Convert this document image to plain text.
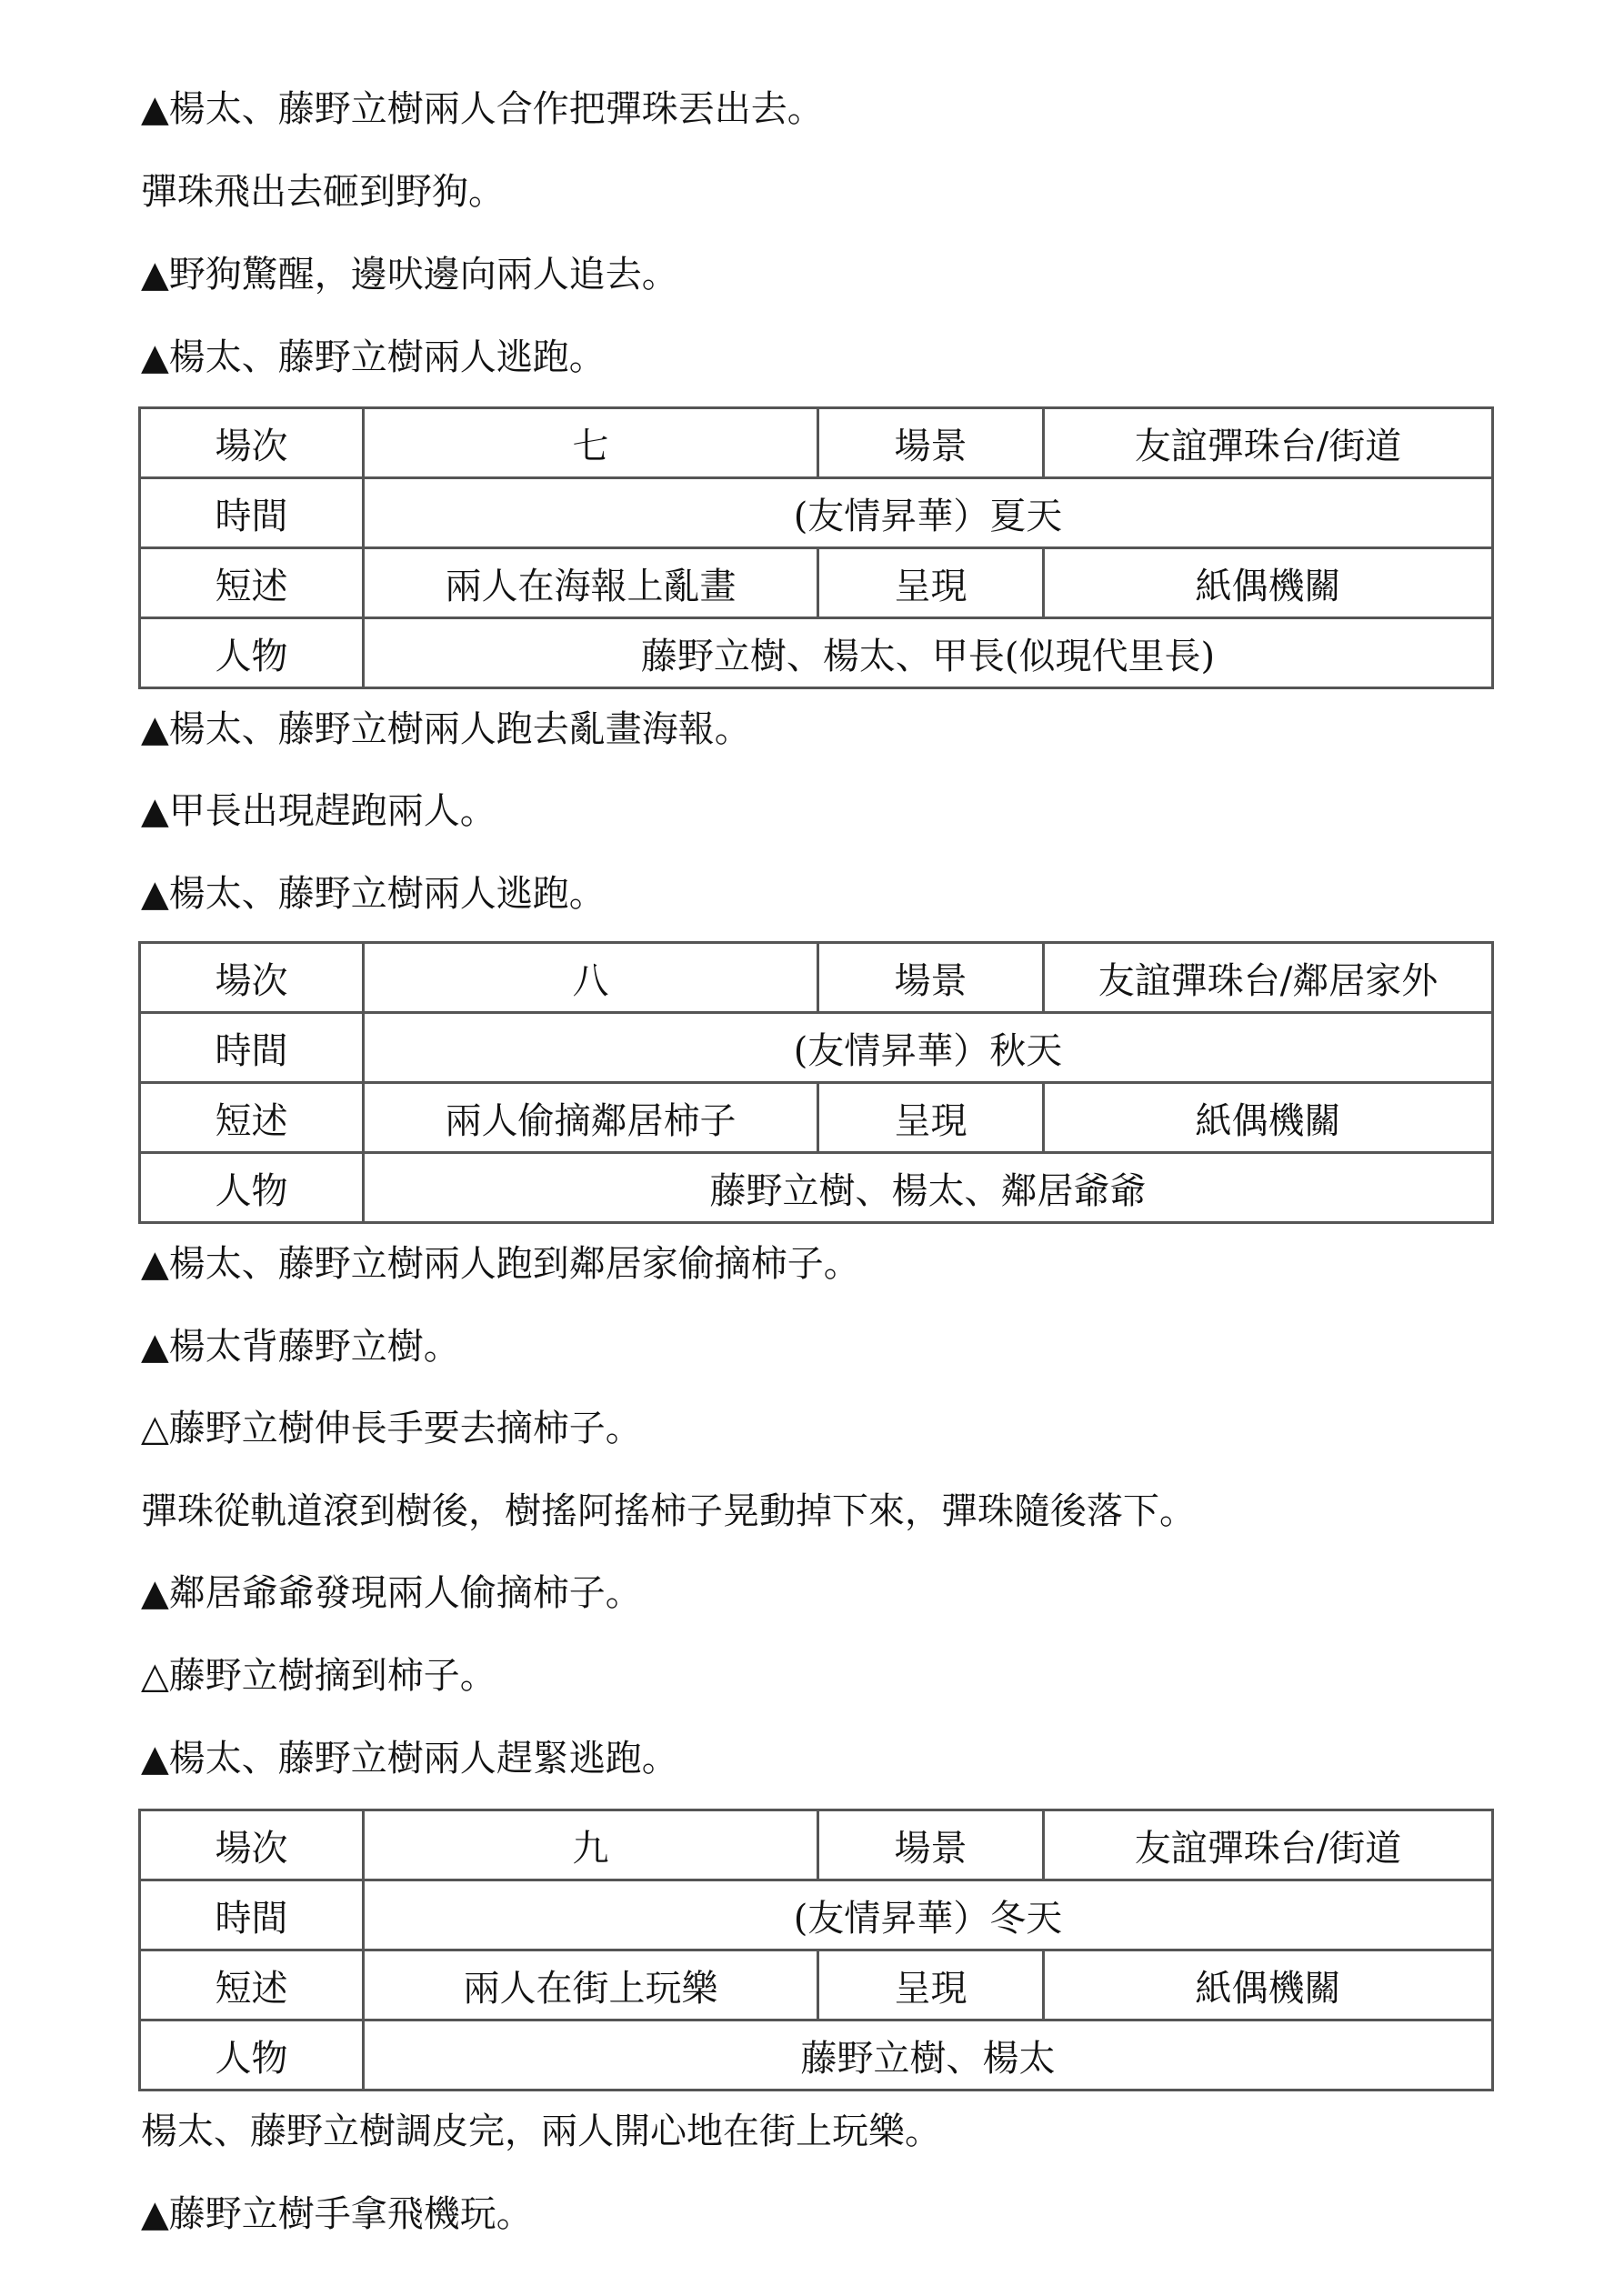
▲楊太、藤野立樹兩人合作把彈珠丟出去。
彈珠飛出去砸到野狗。
▲野狗驚醒，邊吠邊向兩人追去。
▲楊太、藤野立樹兩人逃跑。
場次	七	場景	友誼彈珠台/街道
時間	(友情昇華）夏天		
短述	兩人在海報上亂畫	呈現	紙偶機關
人物	藤野立樹、楊太、甲長(似現代里長)		
▲楊太、藤野立樹兩人跑去亂畫海報。
▲甲長出現趕跑兩人。
▲楊太、藤野立樹兩人逃跑。
場次	八	場景	友誼彈珠台/鄰居家外
時間	(友情昇華）秋天		
短述	兩人偷摘鄰居柿子	呈現	紙偶機關
人物	藤野立樹、楊太、鄰居爺爺		
▲楊太、藤野立樹兩人跑到鄰居家偷摘柿子。
▲楊太背藤野立樹。
△藤野立樹伸長手要去摘柿子。
彈珠從軌道滾到樹後，樹搖阿搖柿子晃動掉下來，彈珠隨後落下。
▲鄰居爺爺發現兩人偷摘柿子。
△藤野立樹摘到柿子。
▲楊太、藤野立樹兩人趕緊逃跑。
場次	九	場景	友誼彈珠台/街道
時間	(友情昇華）冬天		
短述	兩人在街上玩樂	呈現	紙偶機關
人物	藤野立樹、楊太		
楊太、藤野立樹調皮完，兩人開心地在街上玩樂。
▲藤野立樹手拿飛機玩。
